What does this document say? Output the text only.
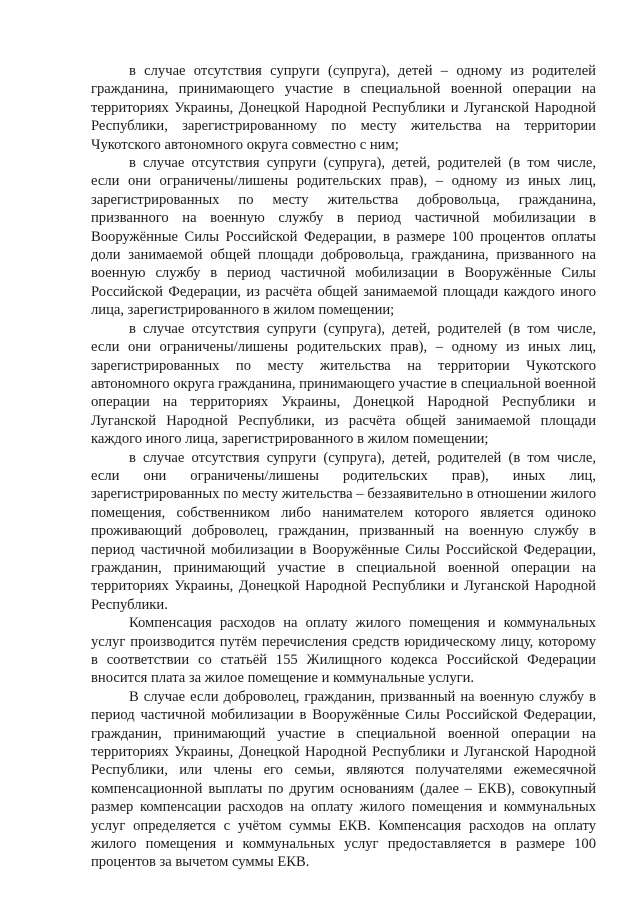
в случае отсутствия супруги (супруга), детей – одному из родителей гражданина, принимающего участие в специальной военной операции на территориях Украины, Донецкой Народной Республики и Луганской Народной Республики, зарегистрированному по месту жительства на территории Чукотского автономного округа совместно с ним;

в случае отсутствия супруги (супруга), детей, родителей (в том числе, если они ограничены/лишены родительских прав), – одному из иных лиц, зарегистрированных по месту жительства добровольца, гражданина, призванного на военную службу в период частичной мобилизации в Вооружённые Силы Российской Федерации, в размере 100 процентов оплаты доли занимаемой общей площади добровольца, гражданина, призванного на военную службу в период частичной мобилизации в Вооружённые Силы Российской Федерации, из расчёта общей занимаемой площади каждого иного лица, зарегистрированного в жилом помещении;

в случае отсутствия супруги (супруга), детей, родителей (в том числе, если они ограничены/лишены родительских прав), – одному из иных лиц, зарегистрированных по месту жительства на территории Чукотского автономного округа гражданина, принимающего участие в специальной военной операции на территориях Украины, Донецкой Народной Республики и Луганской Народной Республики, из расчёта общей занимаемой площади каждого иного лица, зарегистрированного в жилом помещении;

в случае отсутствия супруги (супруга), детей, родителей (в том числе, если они ограничены/лишены родительских прав), иных лиц, зарегистрированных по месту жительства – беззаявительно в отношении жилого помещения, собственником либо нанимателем которого является одиноко проживающий доброволец, гражданин, призванный на военную службу в период частичной мобилизации в Вооружённые Силы Российской Федерации, гражданин, принимающий участие в специальной военной операции на территориях Украины, Донецкой Народной Республики и Луганской Народной Республики.

Компенсация расходов на оплату жилого помещения и коммунальных услуг производится путём перечисления средств юридическому лицу, которому в соответствии со статьёй 155 Жилищного кодекса Российской Федерации вносится плата за жилое помещение и коммунальные услуги.

В случае если доброволец, гражданин, призванный на военную службу в период частичной мобилизации в Вооружённые Силы Российской Федерации, гражданин, принимающий участие в специальной военной операции на территориях Украины, Донецкой Народной Республики и Луганской Народной Республики, или члены его семьи, являются получателями ежемесячной компенсационной выплаты по другим основаниям (далее – ЕКВ), совокупный размер компенсации расходов на оплату жилого помещения и коммунальных услуг определяется с учётом суммы ЕКВ. Компенсация расходов на оплату жилого помещения и коммунальных услуг предоставляется в размере 100 процентов за вычетом суммы ЕКВ.
